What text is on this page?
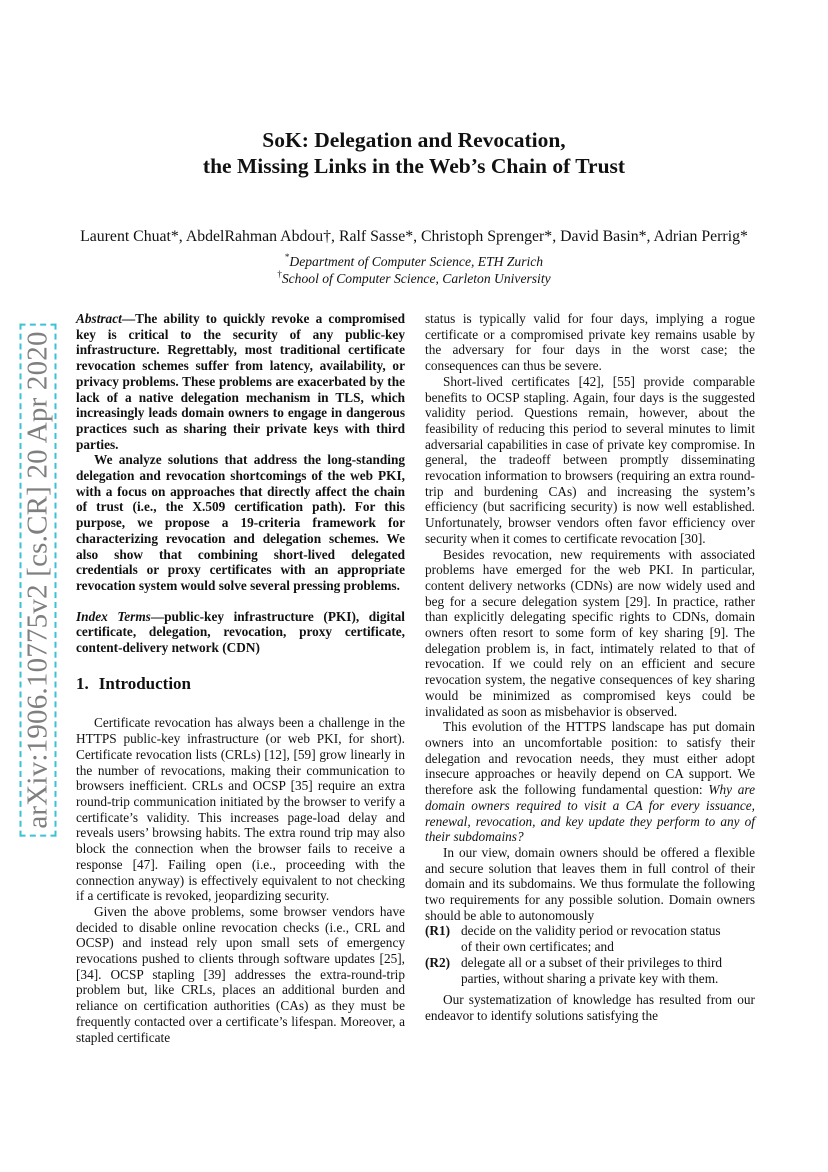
arXiv:1906.10775v2 [cs.CR] 20 Apr 2020
SoK: Delegation and Revocation,
the Missing Links in the Web’s Chain of Trust
Laurent Chuat*, AbdelRahman Abdou†, Ralf Sasse*, Christoph Sprenger*, David Basin*, Adrian Perrig*
*Department of Computer Science, ETH Zurich
†School of Computer Science, Carleton University

Abstract—The ability to quickly revoke a compromised key is critical to the security of any public-key infrastructure. Regrettably, most traditional certificate revocation schemes suffer from latency, availability, or privacy problems. These problems are exacerbated by the lack of a native delegation mechanism in TLS, which increasingly leads domain owners to engage in dangerous practices such as sharing their private keys with third parties.

We analyze solutions that address the long-standing delegation and revocation shortcomings of the web PKI, with a focus on approaches that directly affect the chain of trust (i.e., the X.509 certification path). For this purpose, we propose a 19-criteria framework for characterizing revocation and delegation schemes. We also show that combining short-lived delegated credentials or proxy certificates with an appropriate revocation system would solve several pressing problems.

Index Terms—public-key infrastructure (PKI), digital certificate, delegation, revocation, proxy certificate, content-delivery network (CDN)

1. Introduction

Certificate revocation has always been a challenge in the HTTPS public-key infrastructure (or web PKI, for short). Certificate revocation lists (CRLs) [12], [59] grow linearly in the number of revocations, making their communication to browsers inefficient. CRLs and OCSP [35] require an extra round-trip communication initiated by the browser to verify a certificate’s validity. This increases page-load delay and reveals users’ browsing habits. The extra round trip may also block the connection when the browser fails to receive a response [47]. Failing open (i.e., proceeding with the connection anyway) is effectively equivalent to not checking if a certificate is revoked, jeopardizing security.

Given the above problems, some browser vendors have decided to disable online revocation checks (i.e., CRL and OCSP) and instead rely upon small sets of emergency revocations pushed to clients through software updates [25], [34]. OCSP stapling [39] addresses the extra-round-trip problem but, like CRLs, places an additional burden and reliance on certification authorities (CAs) as they must be frequently contacted over a certificate’s lifespan. Moreover, a stapled certificate

status is typically valid for four days, implying a rogue certificate or a compromised private key remains usable by the adversary for four days in the worst case; the consequences can thus be severe.

Short-lived certificates [42], [55] provide comparable benefits to OCSP stapling. Again, four days is the suggested validity period. Questions remain, however, about the feasibility of reducing this period to several minutes to limit adversarial capabilities in case of private key compromise. In general, the tradeoff between promptly disseminating revocation information to browsers (requiring an extra round-trip and burdening CAs) and increasing the system’s efficiency (but sacrificing security) is now well established. Unfortunately, browser vendors often favor efficiency over security when it comes to certificate revocation [30].

Besides revocation, new requirements with associated problems have emerged for the web PKI. In particular, content delivery networks (CDNs) are now widely used and beg for a secure delegation system [29]. In practice, rather than explicitly delegating specific rights to CDNs, domain owners often resort to some form of key sharing [9]. The delegation problem is, in fact, intimately related to that of revocation. If we could rely on an efficient and secure revocation system, the negative consequences of key sharing would be minimized as compromised keys could be invalidated as soon as misbehavior is observed.

This evolution of the HTTPS landscape has put domain owners into an uncomfortable position: to satisfy their delegation and revocation needs, they must either adopt insecure approaches or heavily depend on CA support. We therefore ask the following fundamental question: Why are domain owners required to visit a CA for every issuance, renewal, revocation, and key update they perform to any of their subdomains?

In our view, domain owners should be offered a flexible and secure solution that leaves them in full control of their domain and its subdomains. We thus formulate the following two requirements for any possible solution. Domain owners should be able to autonomously

(R1) decide on the validity period or revocation status
of their own certificates; and
(R2) delegate all or a subset of their privileges to third
parties, without sharing a private key with them.

Our systematization of knowledge has resulted from our endeavor to identify solutions satisfying the
